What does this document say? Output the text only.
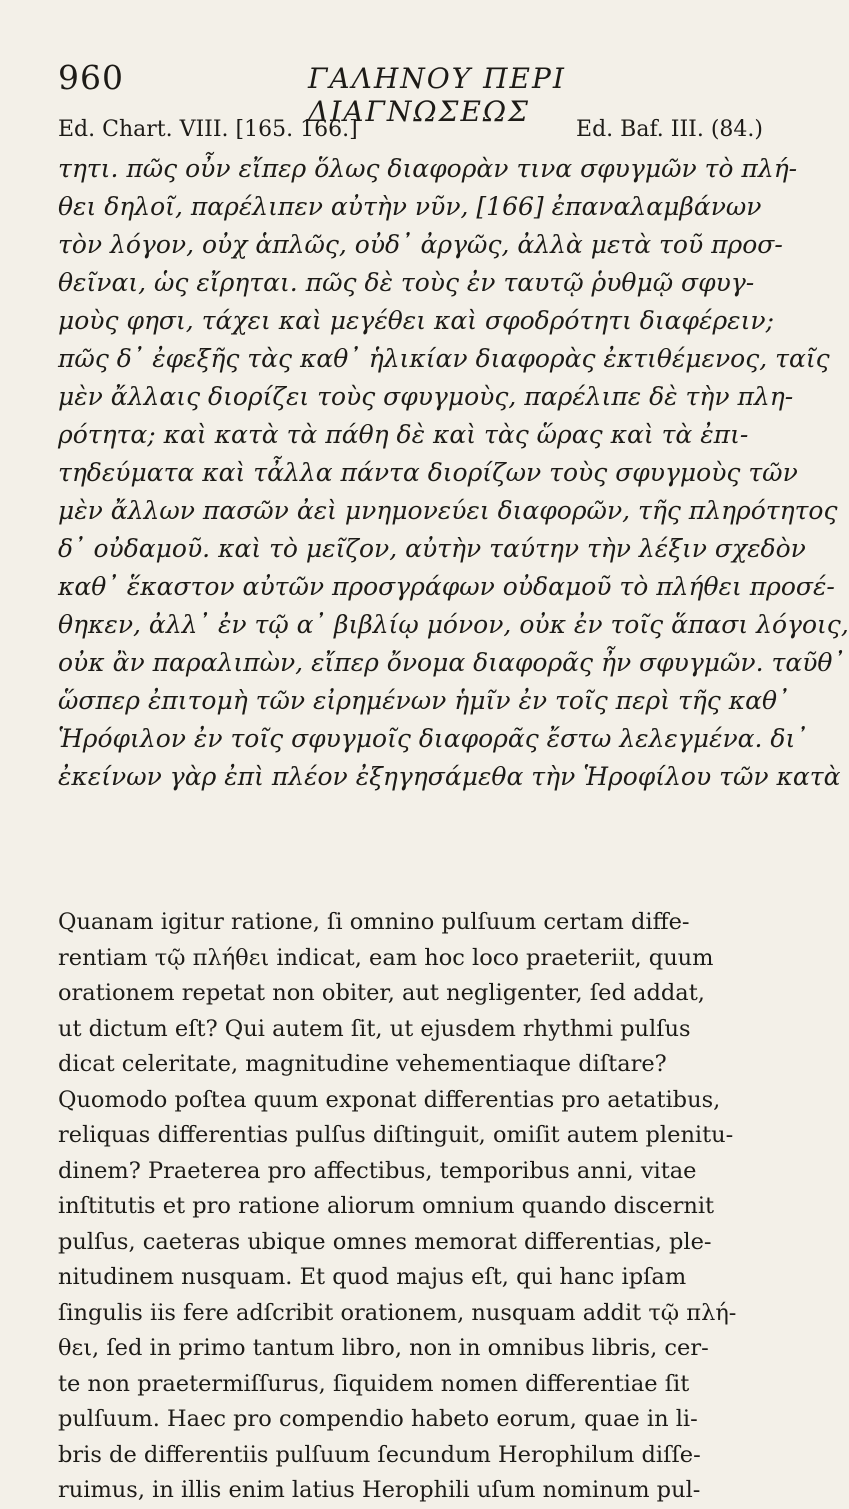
960	ΓΑΛΗΝΟΥ ΠΕΡΙ ΔΙΑΓΝΩΣΕΩΣ
Ed. Chart. VIII. [165. 166.]	Ed. Baf. III. (84.)
τητι. πῶς οὖν εἴπερ ὅλως διαφορὰν τινα σφυγμῶν τὸ πλή-
θει δηλοῖ, παρέλιπεν αὐτὴν νῦν, [166] ἐπαναλαμβάνων
τὸν λόγον, οὐχ ἁπλῶς, οὐδ᾽ ἀργῶς, ἀλλὰ μετὰ τοῦ προσ-
θεῖναι, ὡς εἴρηται. πῶς δὲ τοὺς ἐν ταυτῷ ῥυθμῷ σφυγ-
μοὺς φησι, τάχει καὶ μεγέθει καὶ σφοδρότητι διαφέρειν;
πῶς δ᾽ ἐφεξῆς τὰς καθ᾽ ἡλικίαν διαφορὰς ἐκτιθέμενος, ταῖς
μὲν ἄλλαις διορίζει τοὺς σφυγμοὺς, παρέλιπε δὲ τὴν πλη-
ρότητα; καὶ κατὰ τὰ πάθη δὲ καὶ τὰς ὥρας καὶ τὰ ἐπι-
τηδεύματα καὶ τἆλλα πάντα διορίζων τοὺς σφυγμοὺς τῶν
μὲν ἄλλων πασῶν ἀεὶ μνημονεύει διαφορῶν, τῆς πληρότητος
δ᾽ οὐδαμοῦ. καὶ τὸ μεῖζον, αὐτὴν ταύτην τὴν λέξιν σχεδὸν
καθ᾽ ἕκαστον αὐτῶν προσγράφων οὐδαμοῦ τὸ πλήθει προσέ-
θηκεν, ἀλλ᾽ ἐν τῷ α᾽ βιβλίῳ μόνον, οὐκ ἐν τοῖς ἅπασι λόγοις,
οὐκ ἂν παραλιπὼν, εἴπερ ὄνομα διαφορᾶς ἦν σφυγμῶν. ταῦθ᾽
ὥσπερ ἐπιτομὴ τῶν εἰρημένων ἡμῖν ἐν τοῖς περὶ τῆς καθ᾽
Ἡρόφιλον ἐν τοῖς σφυγμοῖς διαφορᾶς ἔστω λελεγμένα. δι᾽
ἐκείνων γὰρ ἐπὶ πλέον ἐξηγησάμεθα τὴν Ἡροφίλου τῶν κατὰ
Quanam igitur ratione, ſi omnino pulſuum certam diffe-
rentiam τῷ πλήθει indicat, eam hoc loco praeteriit, quum
orationem repetat non obiter, aut negligenter, ſed addat,
ut dictum eſt? Qui autem ſit, ut ejusdem rhythmi pulſus
dicat celeritate, magnitudine vehementiaque diſtare?
Quomodo poſtea quum exponat differentias pro aetatibus,
reliquas differentias pulſus diſtinguit, omiſit autem plenitu-
dinem? Praeterea pro affectibus, temporibus anni, vitae
inſtitutis et pro ratione aliorum omnium quando discernit
pulſus, caeteras ubique omnes memorat differentias, ple-
nitudinem nusquam. Et quod majus eſt, qui hanc ipſam
ſingulis iis fere adſcribit orationem, nusquam addit τῷ πλή-
θει, ſed in primo tantum libro, non in omnibus libris, cer-
te non praetermiſſurus, ſiquidem nomen differentiae ſit
pulſuum. Haec pro compendio habeto eorum, quae in li-
bris de differentiis pulſuum ſecundum Herophilum diſſe-
ruimus, in illis enim latius Herophili uſum nominum pul-
